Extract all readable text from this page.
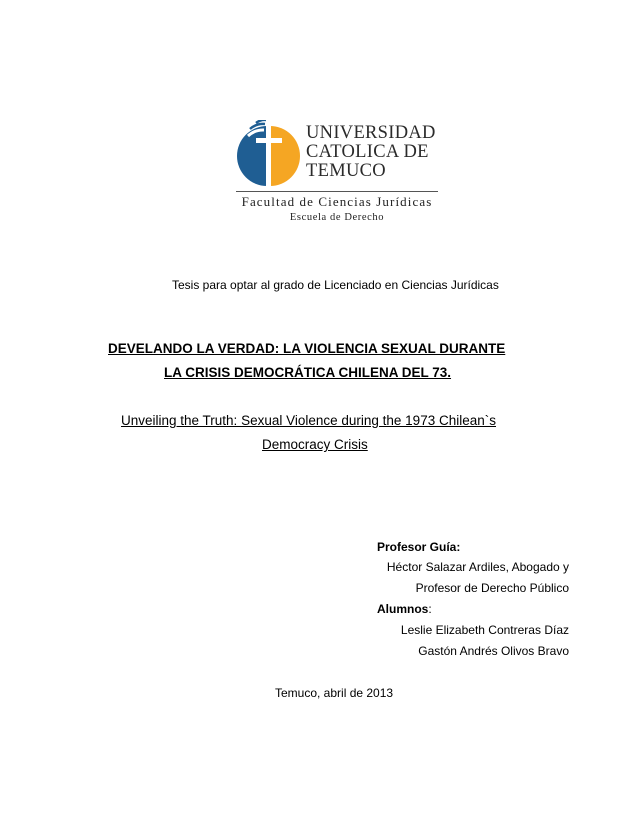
UNIVERSIDAD
CATOLICA DE
TEMUCO
Facultad de Ciencias Jurídicas
Escuela de Derecho
Tesis para optar al grado de Licenciado en Ciencias Jurídicas
DEVELANDO LA VERDAD: LA VIOLENCIA SEXUAL DURANTE
LA CRISIS DEMOCRÁTICA CHILENA DEL 73.
Unveiling the Truth: Sexual Violence during the 1973 Chilean`s
Democracy Crisis
Profesor Guía:
Héctor Salazar Ardiles, Abogado y
Profesor de Derecho Público
Alumnos:
Leslie Elizabeth Contreras Díaz
Gastón Andrés Olivos Bravo
Temuco, abril de 2013
